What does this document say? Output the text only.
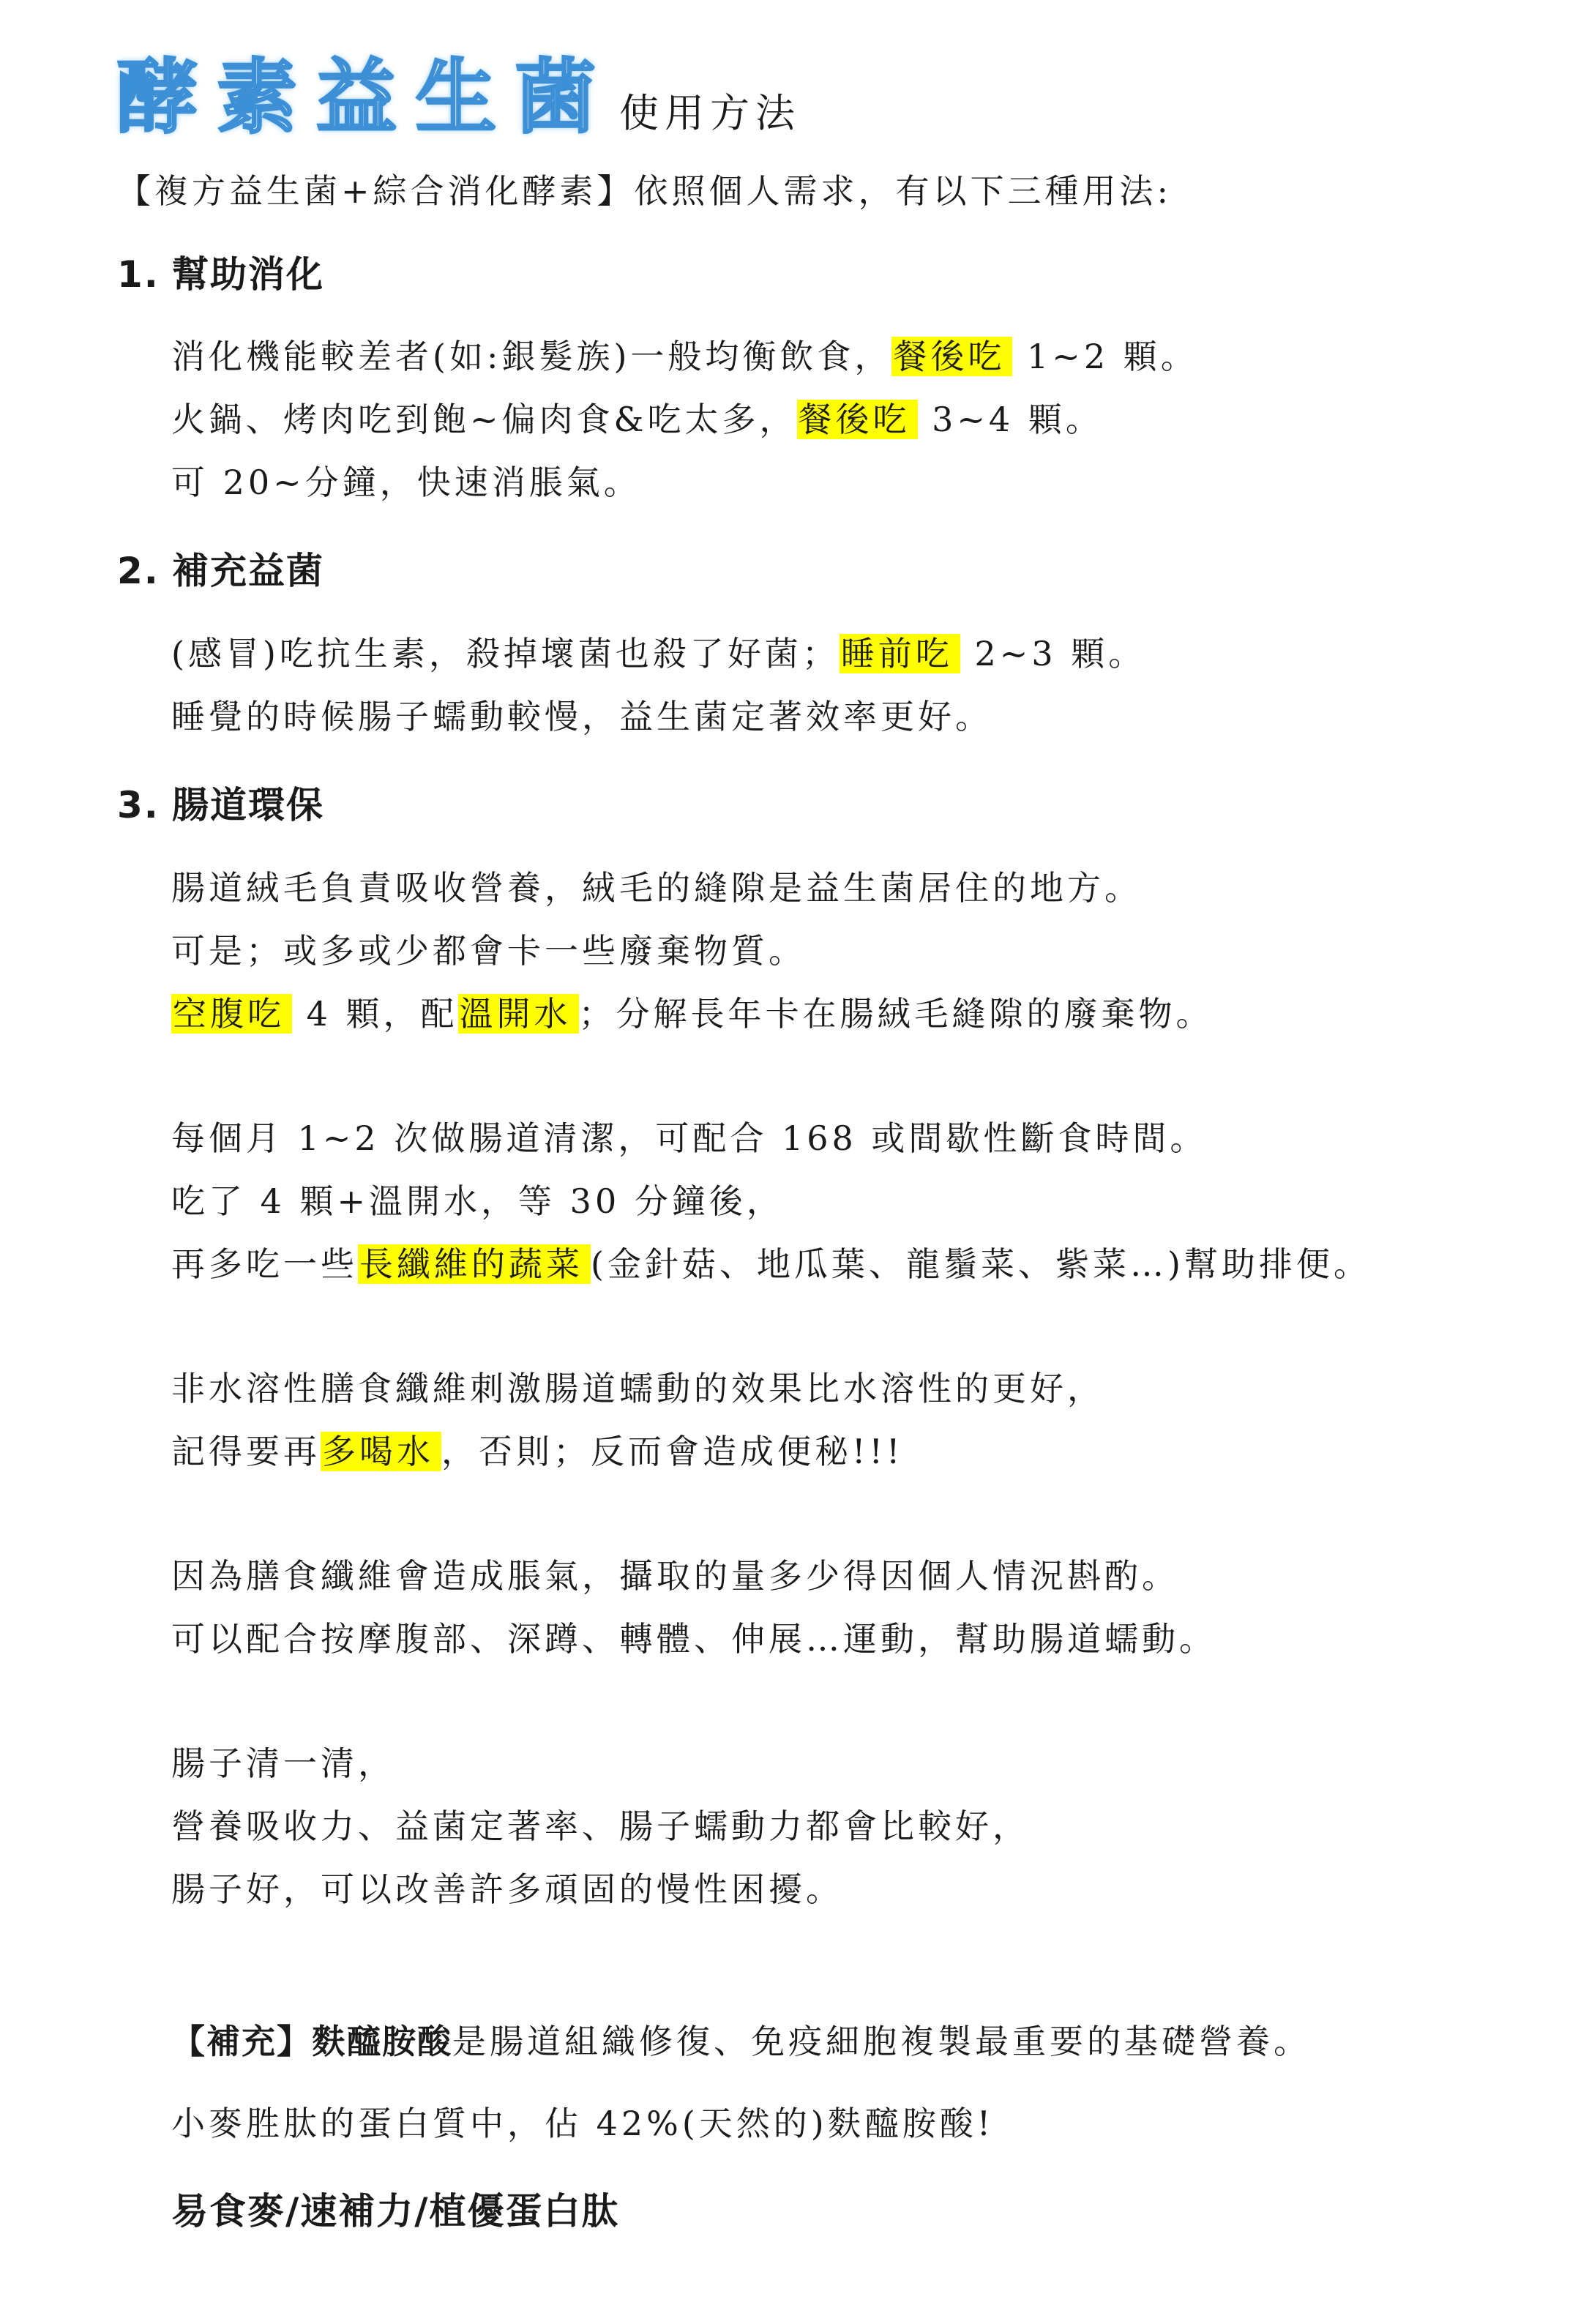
酵素益生菌 使用方法
【複方益生菌+綜合消化酵素】依照個人需求，有以下三種用法:
1. 幫助消化
消化機能較差者(如:銀髮族)一般均衡飲食，餐後吃 1~2 顆。
火鍋、烤肉吃到飽~偏肉食&吃太多，餐後吃 3~4 顆。
可 20~分鐘，快速消脹氣。
2. 補充益菌
(感冒)吃抗生素，殺掉壞菌也殺了好菌；睡前吃 2~3 顆。
睡覺的時候腸子蠕動較慢，益生菌定著效率更好。
3. 腸道環保
腸道絨毛負責吸收營養，絨毛的縫隙是益生菌居住的地方。
可是；或多或少都會卡一些廢棄物質。
空腹吃 4 顆，配溫開水 ；分解長年卡在腸絨毛縫隙的廢棄物。
每個月 1~2 次做腸道清潔，可配合 168 或間歇性斷食時間。
吃了 4 顆+溫開水，等 30 分鐘後，
再多吃一些長纖維的蔬菜 (金針菇、地瓜葉、龍鬚菜、紫菜…)幫助排便。
非水溶性膳食纖維刺激腸道蠕動的效果比水溶性的更好，
記得要再多喝水 ，否則；反而會造成便秘!!!
因為膳食纖維會造成脹氣，攝取的量多少得因個人情況斟酌。
可以配合按摩腹部、深蹲、轉體、伸展…運動，幫助腸道蠕動。
腸子清一清，
營養吸收力、益菌定著率、腸子蠕動力都會比較好，
腸子好，可以改善許多頑固的慢性困擾。
【補充】麩醯胺酸是腸道組織修復、免疫細胞複製最重要的基礎營養。
小麥胜肽的蛋白質中，佔 42%(天然的)麩醯胺酸!
易食麥/速補力/植優蛋白肽
